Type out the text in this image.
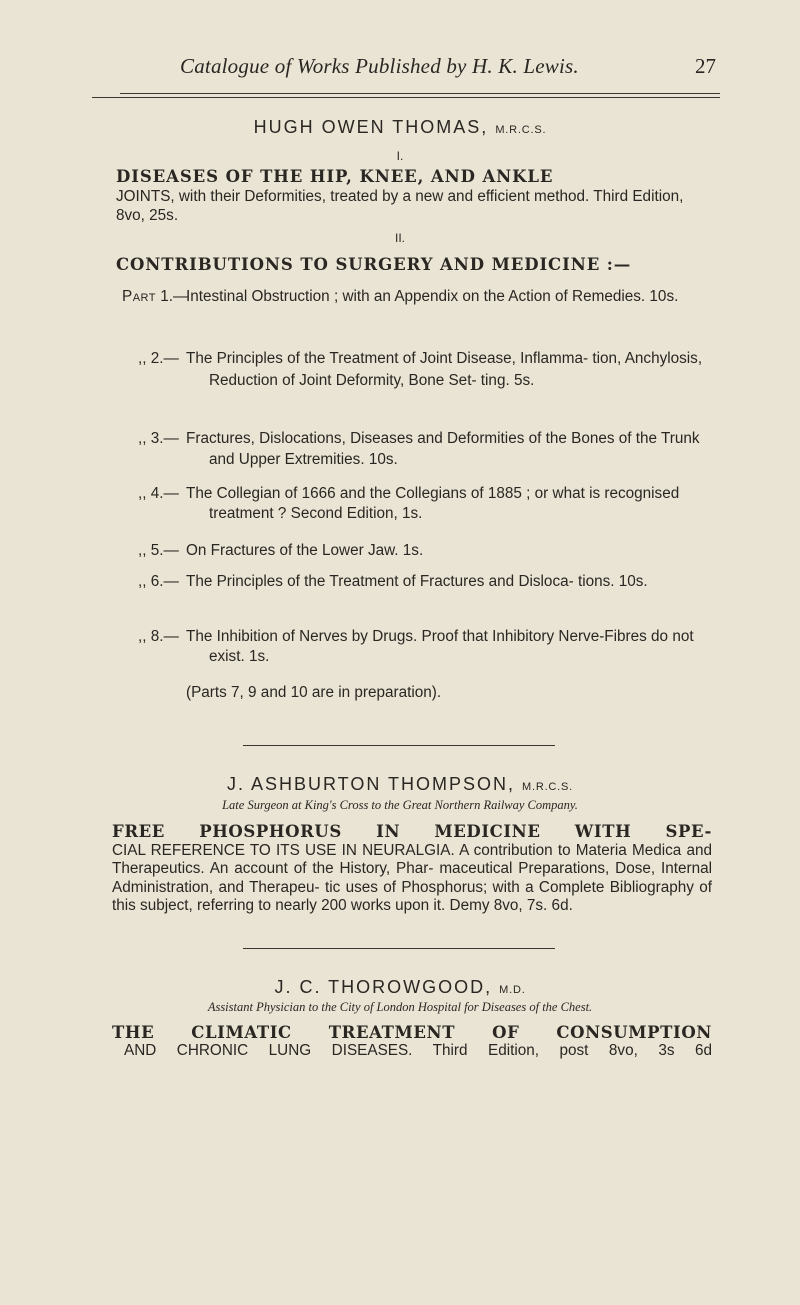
Catalogue of Works Published by H. K. Lewis.	27
HUGH OWEN THOMAS, M.R.C.S.
I.
DISEASES OF THE HIP, KNEE, AND ANKLE
JOINTS, with their Deformities, treated by a new and efficient method. Third Edition, 8vo, 25s.
II.
CONTRIBUTIONS TO SURGERY AND MEDICINE :—
Part 1.—
Intestinal Obstruction ; with an Appendix on the Action of Remedies. 10s.
,, 2.— The Principles of the Treatment of Joint Disease, Inflamma- tion, Anchylosis, Reduction of Joint Deformity, Bone Set- ting. 5s.
,, 3.— Fractures, Dislocations, Diseases and Deformities of the Bones of the Trunk and Upper Extremities. 10s.
,, 4.— The Collegian of 1666 and the Collegians of 1885 ; or what is recognised treatment ? Second Edition, 1s.
,, 5.— On Fractures of the Lower Jaw. 1s.
,, 6.— The Principles of the Treatment of Fractures and Disloca- tions. 10s.
,, 8.— The Inhibition of Nerves by Drugs. Proof that Inhibitory Nerve-Fibres do not exist. 1s.
(Parts 7, 9 and 10 are in preparation).
J. ASHBURTON THOMPSON, M.R.C.S.
Late Surgeon at King's Cross to the Great Northern Railway Company.
FREE PHOSPHORUS IN MEDICINE WITH SPE-
CIAL REFERENCE TO ITS USE IN NEURALGIA. A contribution to Materia Medica and Therapeutics. An account of the History, Phar- maceutical Preparations, Dose, Internal Administration, and Therapeu- tic uses of Phosphorus; with a Complete Bibliography of this subject, referring to nearly 200 works upon it. Demy 8vo, 7s. 6d.
J. C. THOROWGOOD, M.D.
Assistant Physician to the City of London Hospital for Diseases of the Chest.
THE CLIMATIC TREATMENT OF CONSUMPTION
AND CHRONIC LUNG DISEASES. Third Edition, post 8vo, 3s 6d
